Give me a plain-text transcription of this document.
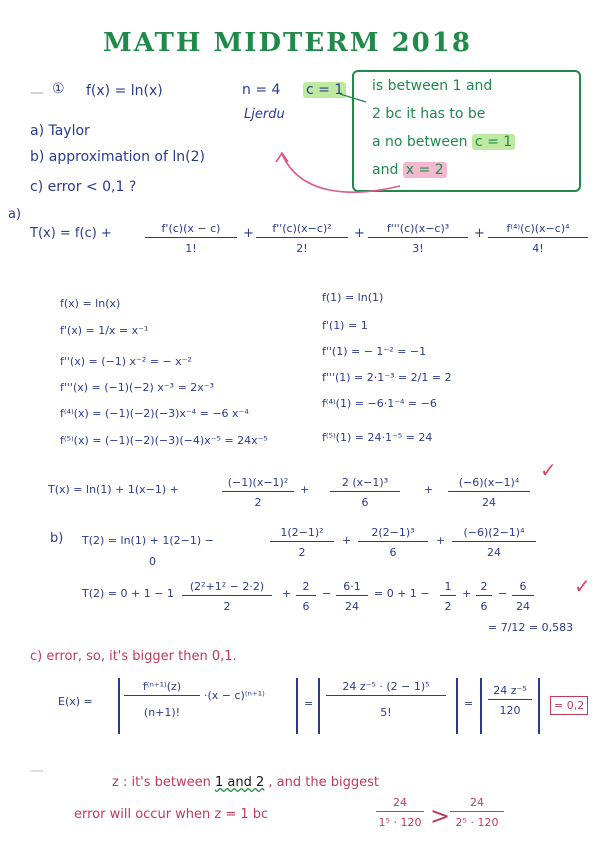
MATH MIDTERM 2018
— ① f(x) = ln(x)	n = 4 c = 1
Ljerdu
a) Taylor
b) approximation of ln(2)
c) error < 0,1 ?
is between 1 and
2 bc it has to be
a no between c = 1
and x = 2
a)
T(x) = f(c) +	$\frac{f'(c)(x - c)}{1!} + \frac{\text{f''(c)(x−c)²}}{2!} + \frac{\text{f'''(c)(x−c)³}}{3!} + \frac{\text{f⁽⁴⁾(c)(x−c)⁴}}{4!}$
f(x) = ln(x)
f'(x) = 1/x = x⁻¹
f''(x) = (−1) x⁻² = − x⁻²
f'''(x) = (−1)(−2) x⁻³ = 2x⁻³
f⁽⁴⁾(x) = (−1)(−2)(−3)x⁻⁴ = −6 x⁻⁴
f⁽⁵⁾(x) = (−1)(−2)(−3)(−4)x⁻⁵ = 24x⁻⁵
f(1) = ln(1)
f'(1) = 1
f''(1) = − 1⁻² = −1
f'''(1) = 2·1⁻³ = 2/1 = 2
f⁽⁴⁾(1) = −6·1⁻⁴ = −6
f⁽⁵⁾(1) = 24·1⁻⁵ = 24
T(x) = ln(1) + 1(x−1) +	$\frac{\text{(−1)(x−1)²}}{2} + \frac{\text{2 (x−1)³}}{6} + \frac{\text{(−6)(x−1)⁴}}{24}$
✓
b) T(2) = ln(1) + 1(2−1) −
0
$\frac{\text{1(2−1)²}}{2} + \frac{\text{2(2−1)³}}{6} + \frac{\text{(−6)(2−1)⁴}}{24}$
$T(2) = 0 + 1 - 1 \frac{\text{(2²+1² − 2·2)}}{2} + \frac{2}{6} - \frac{6\cdot 1}{24} = 0 + 1 - \frac{1}{2} + \frac{2}{6} - \frac{6}{24}$ ✓
= 7/12 = 0,583
c) error, so, it's bigger then 0,1.
E(x) =	$\frac{\text{f⁽ⁿ⁺¹⁾(z)}}{(n+1)!} \cdot(x - c)^{(n+1)}$
= $\frac{\text{24 z⁻⁵ · (2 − 1)⁵}}{5!} = \frac{\text{24 z⁻⁵}}{120}$	= 0,2
—
z : it's between 1 and 2 , and the biggest
error will occur when z = 1 bc	$\frac{24}{\text{1⁵ · 120}} > \frac{24}{\text{2⁵ · 120}}$
